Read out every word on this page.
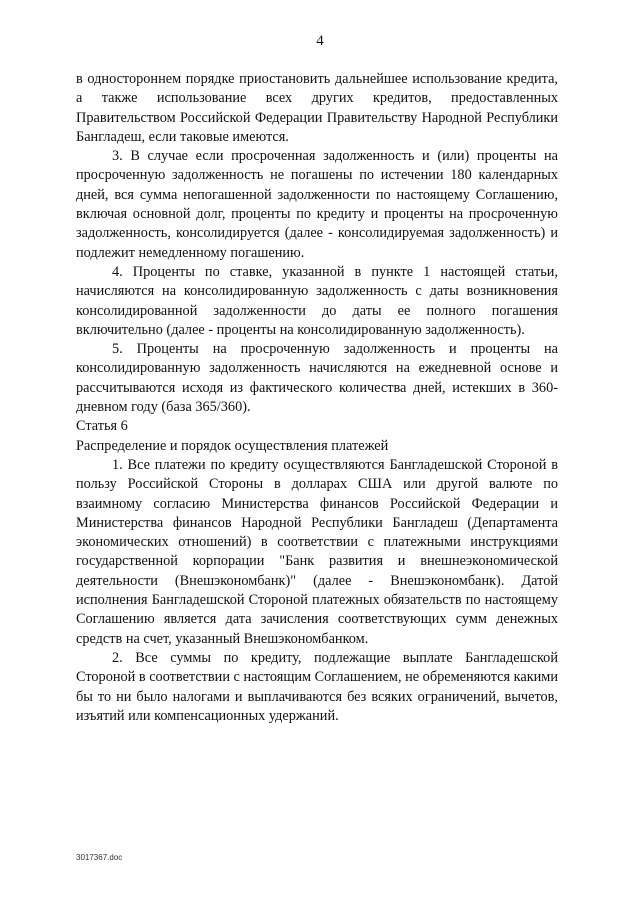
4

в одностороннем порядке приостановить дальнейшее использование кредита, а также использование всех других кредитов, предоставленных Правительством Российской Федерации Правительству Народной Республики Бангладеш, если таковые имеются.

3. В случае если просроченная задолженность и (или) проценты на просроченную задолженность не погашены по истечении 180 календарных дней, вся сумма непогашенной задолженности по настоящему Соглашению, включая основной долг, проценты по кредиту и проценты на просроченную задолженность, консолидируется (далее - консолидируемая задолженность) и подлежит немедленному погашению.

4. Проценты по ставке, указанной в пункте 1 настоящей статьи, начисляются на консолидированную задолженность с даты возникновения консолидированной задолженности до даты ее полного погашения включительно (далее - проценты на консолидированную задолженность).

5. Проценты на просроченную задолженность и проценты на консолидированную задолженность начисляются на ежедневной основе и рассчитываются исходя из фактического количества дней, истекших в 360-дневном году (база 365/360).

Статья 6

Распределение и порядок осуществления платежей

1. Все платежи по кредиту осуществляются Бангладешской Стороной в пользу Российской Стороны в долларах США или другой валюте по взаимному согласию Министерства финансов Российской Федерации и Министерства финансов Народной Республики Бангладеш (Департамента экономических отношений) в соответствии с платежными инструкциями государственной корпорации "Банк развития и внешнеэкономической деятельности (Внешэкономбанк)" (далее - Внешэкономбанк). Датой исполнения Бангладешской Стороной платежных обязательств по настоящему Соглашению является дата зачисления соответствующих сумм денежных средств на счет, указанный Внешэкономбанком.

2. Все суммы по кредиту, подлежащие выплате Бангладешской Стороной в соответствии с настоящим Соглашением, не обременяются какими бы то ни было налогами и выплачиваются без всяких ограничений, вычетов, изъятий или компенсационных удержаний.

3017367.doc
